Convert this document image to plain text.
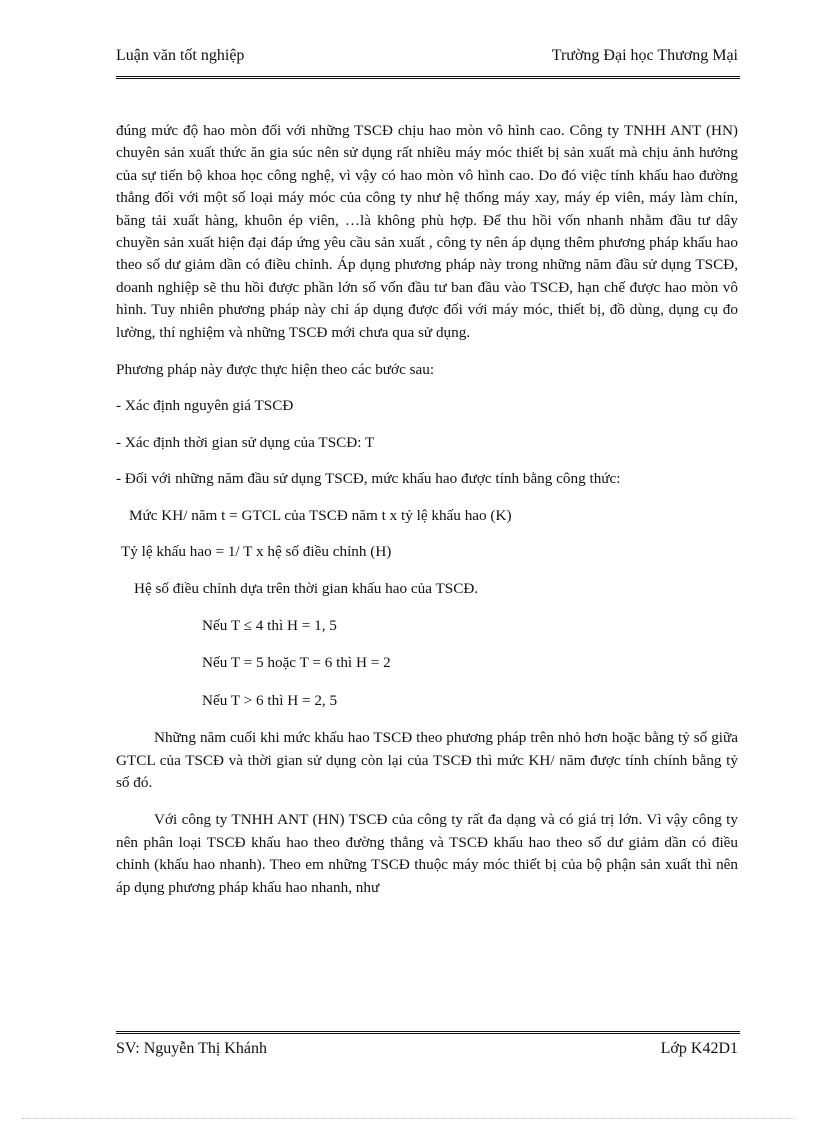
Luận văn tốt nghiệp	Trường Đại học Thương Mại

đúng mức độ hao mòn đối với những TSCĐ chịu hao mòn vô hình cao. Công ty TNHH ANT (HN) chuyên sản xuất thức ăn gia súc nên sử dụng rất nhiều máy móc thiết bị sản xuất mà chịu ảnh hưởng của sự tiến bộ khoa học công nghệ, vì vậy có hao mòn vô hình cao. Do đó việc tính khấu hao đường thẳng đối với một số loại máy móc của công ty như hệ thống máy xay, máy ép viên, máy làm chín, băng tải xuất hàng, khuôn ép viên, …là không phù hợp. Để thu hồi vốn nhanh nhằm đầu tư dây chuyền sản xuất hiện đại đáp ứng yêu cầu sản xuất , công ty nên áp dụng thêm phương pháp khấu hao theo số dư giảm dần có điều chỉnh. Áp dụng phương pháp này trong những năm đầu sử dụng TSCĐ, doanh nghiệp sẽ thu hồi được phần lớn số vốn đầu tư ban đầu vào TSCĐ, hạn chế được hao mòn vô hình. Tuy nhiên phương pháp này chỉ áp dụng được đối với máy móc, thiết bị, đồ dùng, dụng cụ đo lường, thí nghiệm và những TSCĐ mới chưa qua sử dụng.

Phương pháp này được thực hiện theo các bước sau:

- Xác định nguyên giá TSCĐ

- Xác định thời gian sử dụng của TSCĐ: T

- Đối với những năm đầu sử dụng TSCĐ, mức khấu hao được tính bằng công thức:

Mức KH/ năm t = GTCL của TSCĐ năm t x tỷ lệ khấu hao (K)

Tỷ lệ khấu hao = 1/ T x hệ số điều chỉnh (H)

Hệ số điều chỉnh dựa trên thời gian khấu hao của TSCĐ.

Nếu T ≤ 4 thì H = 1, 5

Nếu T = 5 hoặc T = 6 thì H = 2

Nếu T > 6 thì H = 2, 5

Những năm cuối khi mức khấu hao TSCĐ theo phương pháp trên nhỏ hơn hoặc bằng tỷ số giữa GTCL của TSCĐ và thời gian sử dụng còn lại của TSCĐ thì mức KH/ năm được tính chính bằng tỷ số đó.

Với công ty TNHH ANT (HN) TSCĐ của công ty rất đa dạng và có giá trị lớn. Vì vậy công ty nên phân loại TSCĐ khấu hao theo đường thẳng và TSCĐ khấu hao theo số dư giảm dần có điều chỉnh (khấu hao nhanh). Theo em những TSCĐ thuộc máy móc thiết bị của bộ phận sản xuất thì nên áp dụng phương pháp khấu hao nhanh, như

SV: Nguyễn Thị Khánh	Lớp K42D1
